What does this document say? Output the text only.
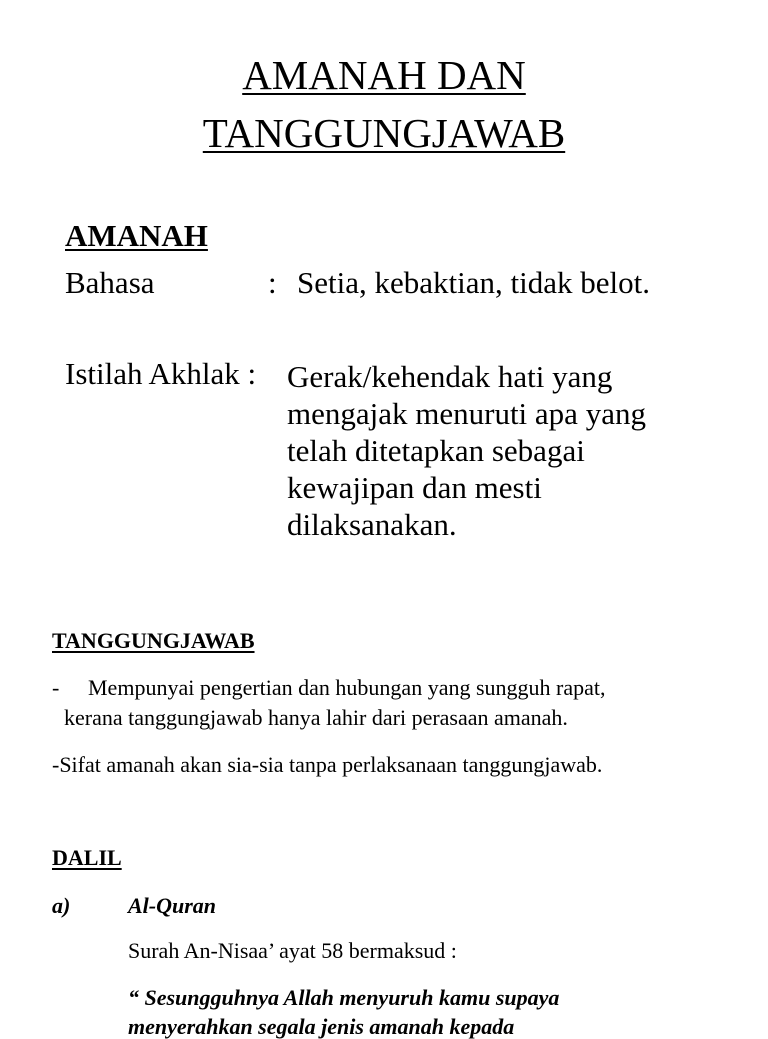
AMANAH DAN
TANGGUNGJAWAB
AMANAH
Bahasa	: Setia, kebaktian, tidak belot.
Istilah Akhlak : Gerak/kehendak hati yang
mengajak menuruti apa yang
telah ditetapkan sebagai
kewajipan dan mesti
dilaksanakan.
TANGGUNGJAWAB
- Mempunyai pengertian dan hubungan yang sungguh rapat,
kerana tanggungjawab hanya lahir dari perasaan amanah.
-Sifat amanah akan sia-sia tanpa perlaksanaan tanggungjawab.
DALIL
a)	Al-Quran
Surah An-Nisaa’ ayat 58 bermaksud :
“ Sesungguhnya Allah menyuruh kamu supaya
menyerahkan segala jenis amanah kepada
